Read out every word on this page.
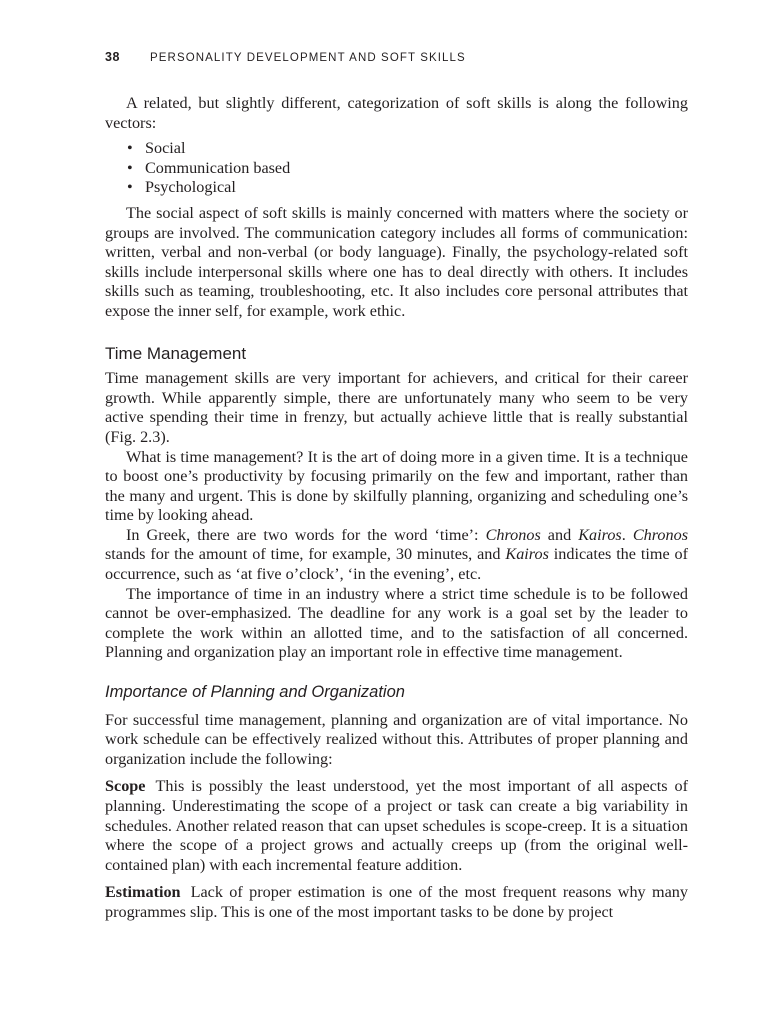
38	PERSONALITY DEVELOPMENT AND SOFT SKILLS

A related, but slightly different, categorization of soft skills is along the following vectors:

• Social
• Communication based
• Psychological

The social aspect of soft skills is mainly concerned with matters where the society or groups are involved. The communication category includes all forms of communication: written, verbal and non-verbal (or body language). Finally, the psychology-related soft skills include interpersonal skills where one has to deal directly with others. It includes skills such as teaming, troubleshooting, etc. It also includes core personal attributes that expose the inner self, for example, work ethic.

Time Management

Time management skills are very important for achievers, and critical for their career growth. While apparently simple, there are unfortunately many who seem to be very active spending their time in frenzy, but actually achieve little that is really substantial (Fig. 2.3).

What is time management? It is the art of doing more in a given time. It is a technique to boost one’s productivity by focusing primarily on the few and important, rather than the many and urgent. This is done by skilfully planning, organizing and scheduling one’s time by looking ahead.

In Greek, there are two words for the word ‘time’: Chronos and Kairos. Chronos stands for the amount of time, for example, 30 minutes, and Kairos indicates the time of occurrence, such as ‘at five o’clock’, ‘in the evening’, etc.

The importance of time in an industry where a strict time schedule is to be followed cannot be over-emphasized. The deadline for any work is a goal set by the leader to complete the work within an allotted time, and to the satisfaction of all concerned. Planning and organization play an important role in effective time management.

Importance of Planning and Organization

For successful time management, planning and organization are of vital importance. No work schedule can be effectively realized without this. Attributes of proper planning and organization include the following:

Scope This is possibly the least understood, yet the most important of all aspects of planning. Underestimating the scope of a project or task can create a big variability in schedules. Another related reason that can upset schedules is scope-creep. It is a situation where the scope of a project grows and actually creeps up (from the original well-contained plan) with each incremental feature addition.

Estimation Lack of proper estimation is one of the most frequent reasons why many programmes slip. This is one of the most important tasks to be done by project
